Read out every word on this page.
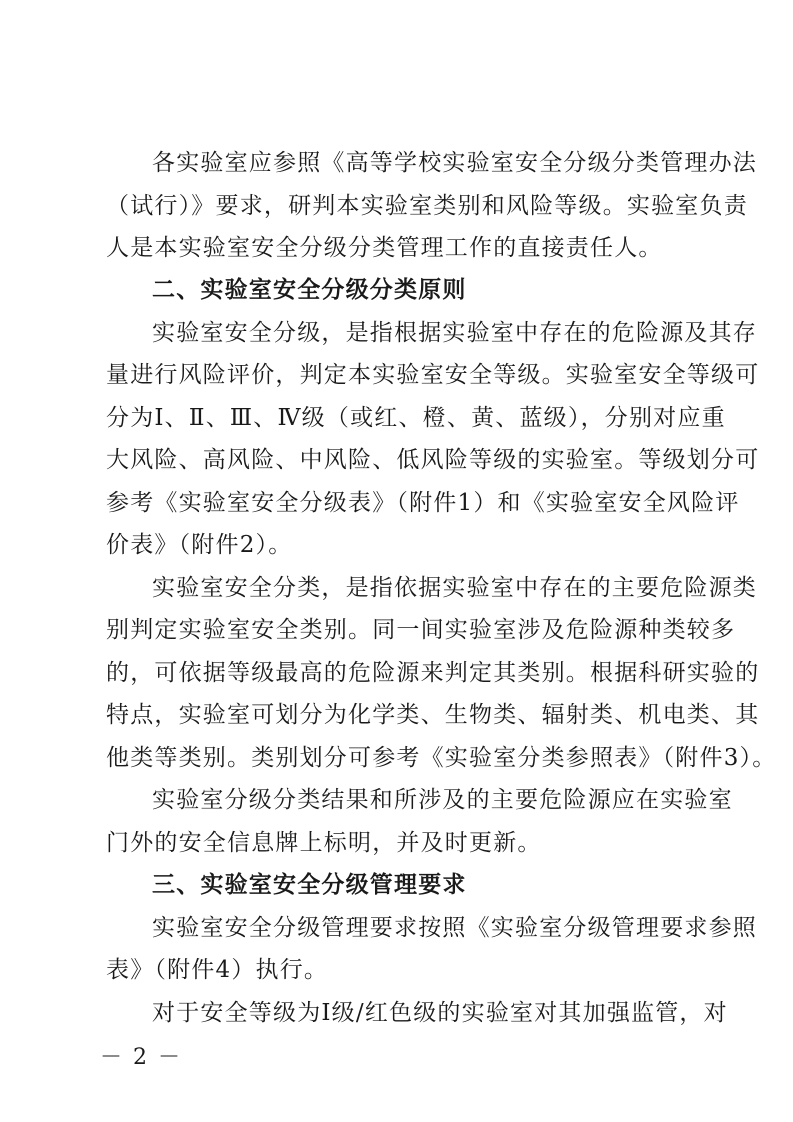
各实验室应参照《高等学校实验室安全分级分类管理办法
（试行）》要求，研判本实验室类别和风险等级。实验室负责
人是本实验室安全分级分类管理工作的直接责任人。
二、实验室安全分级分类原则
实验室安全分级，是指根据实验室中存在的危险源及其存
量进行风险评价，判定本实验室安全等级。实验室安全等级可
分为Ⅰ、Ⅱ、Ⅲ、Ⅳ级（或红、橙、黄、蓝级），分别对应重
大风险、高风险、中风险、低风险等级的实验室。等级划分可
参考《实验室安全分级表》（附件1）和《实验室安全风险评
价表》（附件2）。
实验室安全分类，是指依据实验室中存在的主要危险源类
别判定实验室安全类别。同一间实验室涉及危险源种类较多
的，可依据等级最高的危险源来判定其类别。根据科研实验的
特点，实验室可划分为化学类、生物类、辐射类、机电类、其
他类等类别。类别划分可参考《实验室分类参照表》（附件3）。
实验室分级分类结果和所涉及的主要危险源应在实验室
门外的安全信息牌上标明，并及时更新。
三、实验室安全分级管理要求
实验室安全分级管理要求按照《实验室分级管理要求参照
表》（附件4）执行。
对于安全等级为Ⅰ级/红色级的实验室对其加强监管，对
－ 2 －
